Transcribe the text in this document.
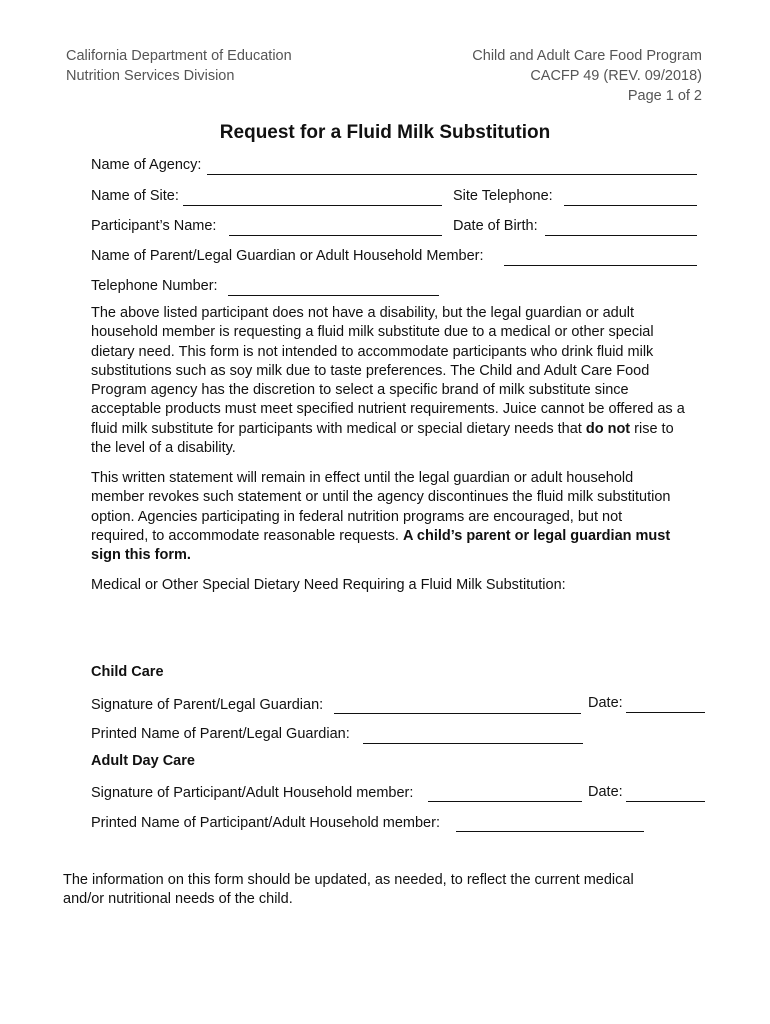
California Department of Education
Nutrition Services Division
Child and Adult Care Food Program
CACFP 49 (REV. 09/2018)
Page 1 of 2
Request for a Fluid Milk Substitution
Name of Agency:
Name of Site:	Site Telephone:
Participant’s Name:	Date of Birth:
Name of Parent/Legal Guardian or Adult Household Member:
Telephone Number:
The above listed participant does not have a disability, but the legal guardian or adult household member is requesting a fluid milk substitute due to a medical or other special dietary need. This form is not intended to accommodate participants who drink fluid milk substitutions such as soy milk due to taste preferences. The Child and Adult Care Food Program agency has the discretion to select a specific brand of milk substitute since acceptable products must meet specified nutrient requirements. Juice cannot be offered as a fluid milk substitute for participants with medical or special dietary needs that do not rise to the level of a disability.
This written statement will remain in effect until the legal guardian or adult household member revokes such statement or until the agency discontinues the fluid milk substitution option. Agencies participating in federal nutrition programs are encouraged, but not required, to accommodate reasonable requests. A child’s parent or legal guardian must sign this form.
Medical or Other Special Dietary Need Requiring a Fluid Milk Substitution:
Child Care
Signature of Parent/Legal Guardian:	Date:
Printed Name of Parent/Legal Guardian:
Adult Day Care
Signature of Participant/Adult Household member:	Date:
Printed Name of Participant/Adult Household member:
The information on this form should be updated, as needed, to reflect the current medical and/or nutritional needs of the child.
